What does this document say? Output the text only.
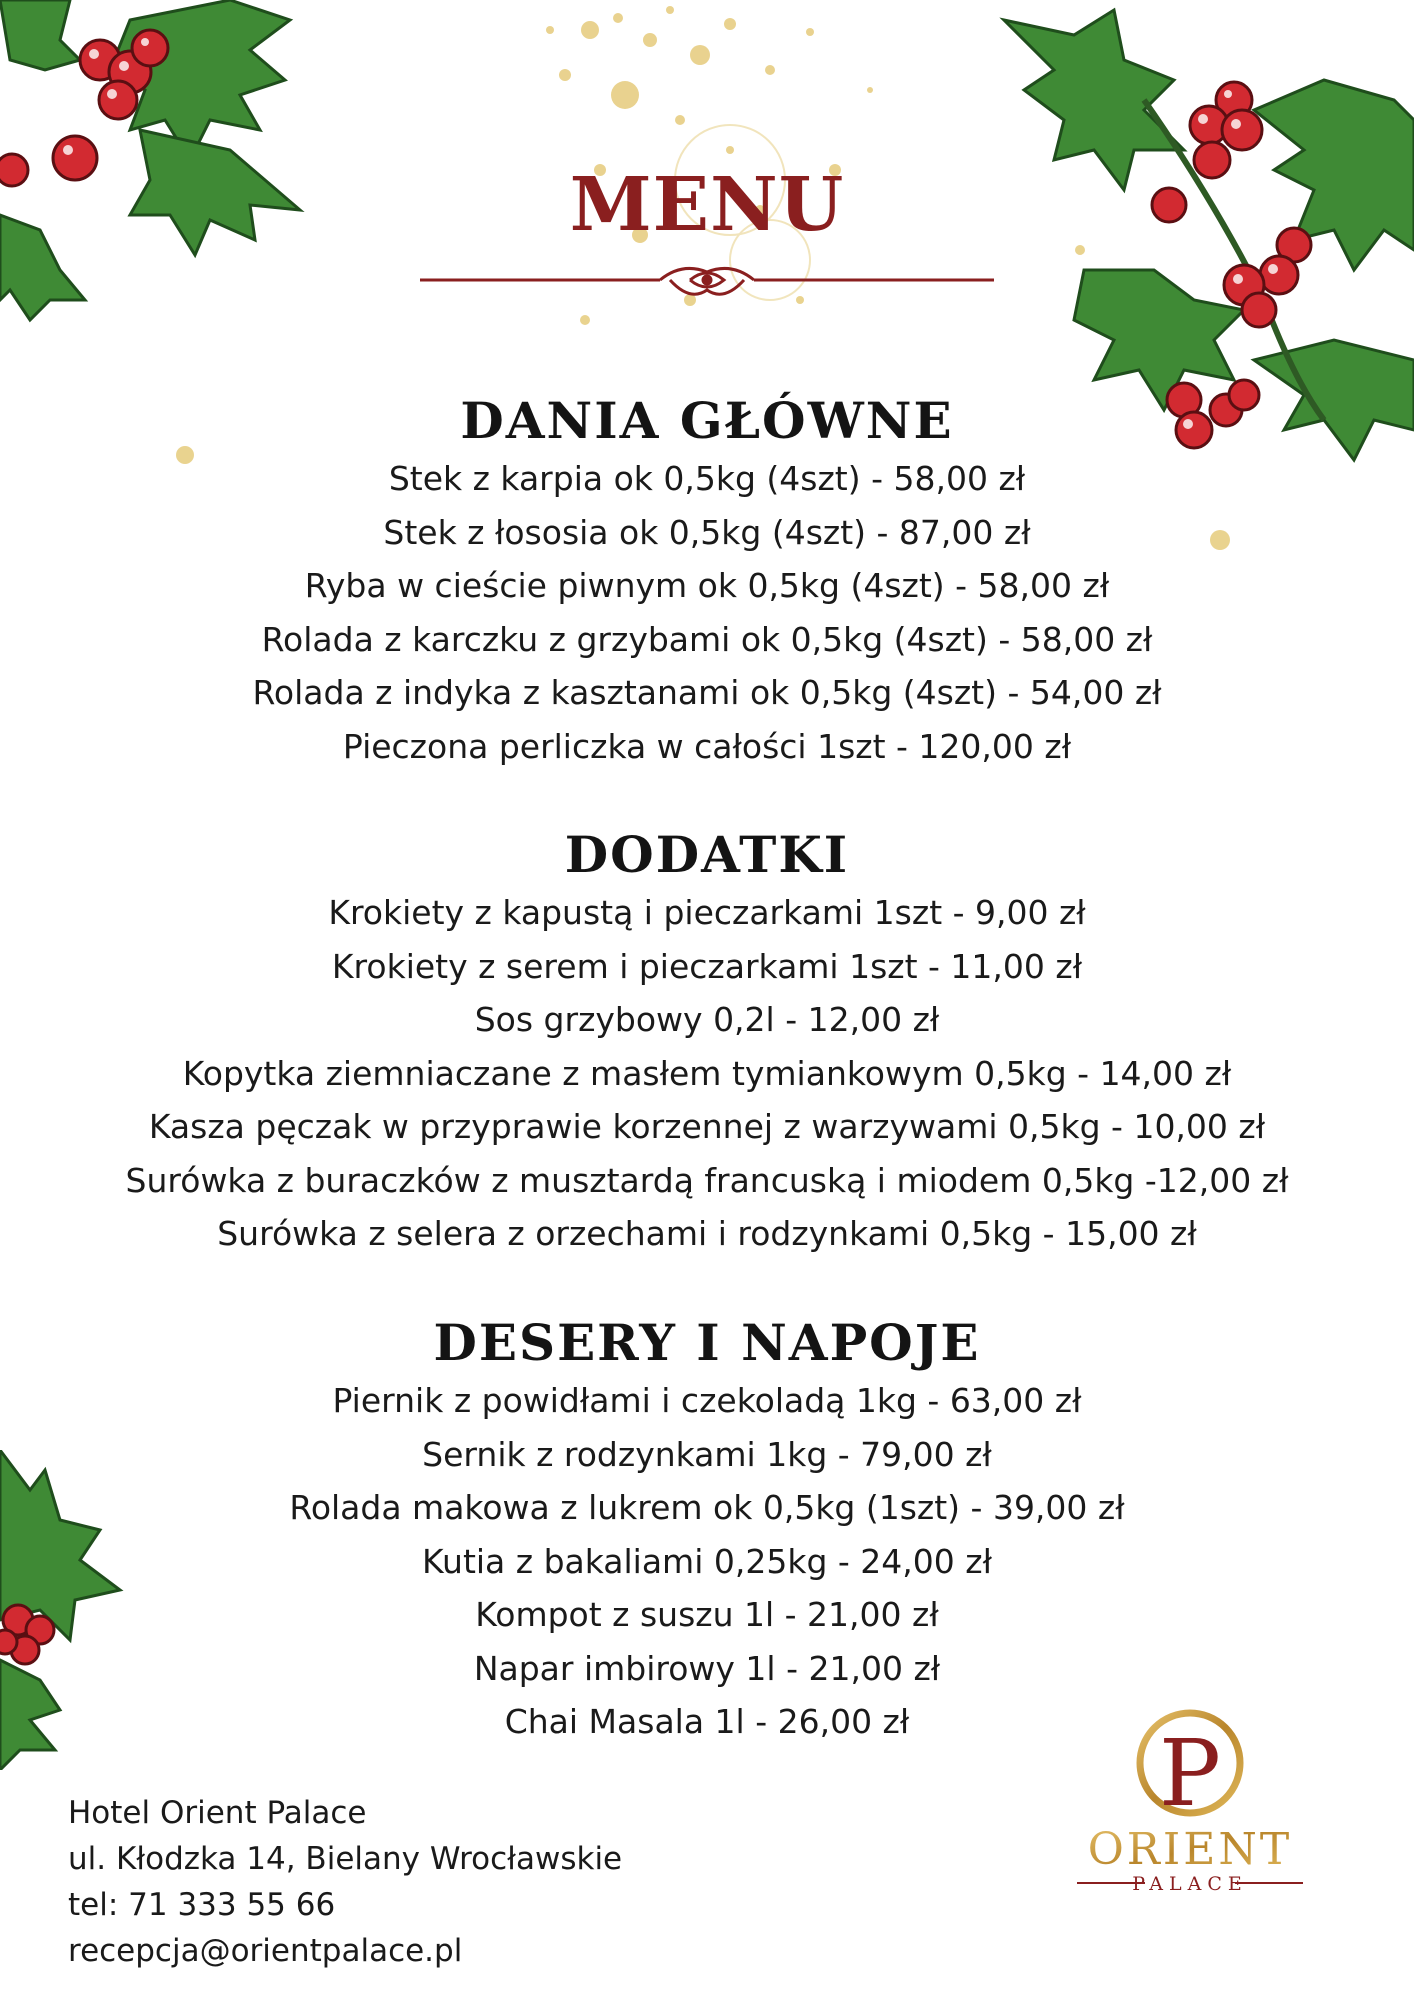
MENU
DANIA GŁÓWNE
Stek z karpia ok 0,5kg (4szt) - 58,00 zł
Stek z łososia ok 0,5kg (4szt) - 87,00 zł
Ryba w cieście piwnym ok 0,5kg (4szt) - 58,00 zł
Rolada z karczku z grzybami ok 0,5kg (4szt) - 58,00 zł
Rolada z indyka z kasztanami ok 0,5kg (4szt) - 54,00 zł
Pieczona perliczka w całości 1szt - 120,00 zł
DODATKI
Krokiety z kapustą i pieczarkami 1szt - 9,00 zł
Krokiety z serem i pieczarkami 1szt - 11,00 zł
Sos grzybowy 0,2l - 12,00 zł
Kopytka ziemniaczane z masłem tymiankowym 0,5kg - 14,00 zł
Kasza pęczak w przyprawie korzennej z warzywami 0,5kg - 10,00 zł
Surówka z buraczków z musztardą francuską i miodem 0,5kg -12,00 zł
Surówka z selera z orzechami i rodzynkami 0,5kg - 15,00 zł
DESERY I NAPOJE
Piernik z powidłami i czekoladą 1kg - 63,00 zł
Sernik z rodzynkami 1kg - 79,00 zł
Rolada makowa z lukrem ok 0,5kg (1szt) - 39,00 zł
Kutia z bakaliami 0,25kg - 24,00 zł
Kompot z suszu 1l - 21,00 zł
Napar imbirowy 1l - 21,00 zł
Chai Masala 1l - 26,00 zł
Hotel Orient Palace
ul. Kłodzka 14, Bielany Wrocławskie
tel: 71 333 55 66
recepcja@orientpalace.pl
P
ORIENT
PALACE
